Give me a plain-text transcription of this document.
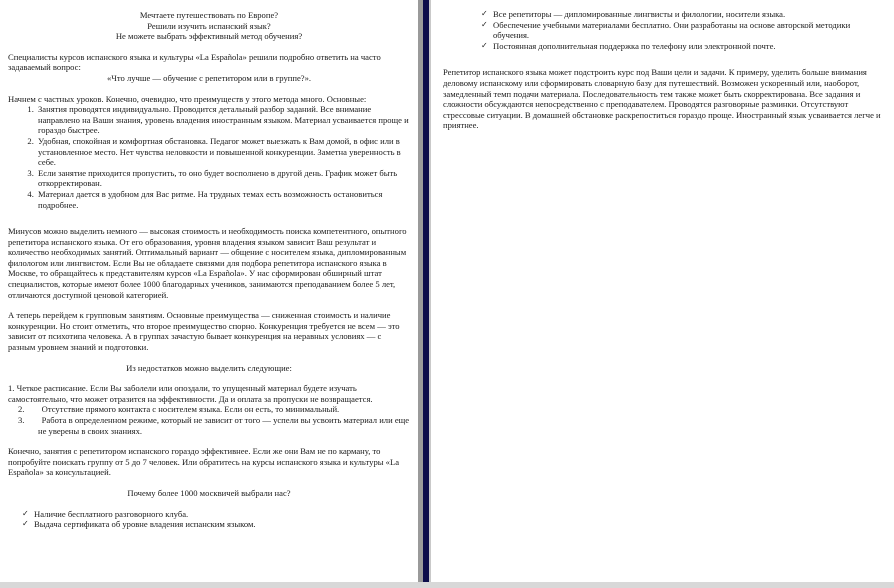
Мечтаете путешествовать по Европе?

Решили изучить испанский язык?

Не можете выбрать эффективный метод обучения?

Специалисты курсов испанского языка и культуры «La Española» решили подробно ответить на часто задаваемый вопрос:

«Что лучше — обучение с репетитором или в группе?».

Начнем с частных уроков. Конечно, очевидно, что преимуществ у этого метода много. Основные:

1. Занятия проводятся индивидуально. Проводится детальный разбор заданий. Все внимание направлено на Ваши знания, уровень владения иностранным языком. Материал усваивается проще и гораздо быстрее.
2. Удобная, спокойная и комфортная обстановка. Педагог может выезжать к Вам домой, в офис или в установленное место. Нет чувства неловкости и повышенной конкуренции. Заметна уверенность в себе.
3. Если занятие приходится пропустить, то оно будет восполнено в другой день. График может быть откорректирован.
4. Материал дается в удобном для Вас ритме. На трудных темах есть возможность остановиться подробнее.

Минусов можно выделить немного — высокая стоимость и необходимость поиска компетентного, опытного репетитора испанского языка. От его образования, уровня владения языком зависит Ваш результат и количество необходимых занятий. Оптимальный вариант — общение с носителем языка, дипломированным филологом или лингвистом. Если Вы не обладаете связями для подбора репетитора испанского языка в Москве, то обращайтесь к представителям курсов «La Española». У нас сформирован обширный штат специалистов, которые имеют более 1000 благодарных учеников, занимаются преподаванием более 5 лет, отличаются доступной ценовой категорией.

А теперь перейдем к групповым занятиям. Основные преимущества — сниженная стоимость и наличие конкуренции. Но стоит отметить, что второе преимущество спорно. Конкуренция требуется не всем — это зависит от психотипа человека. А в группах зачастую бывает конкуренция на неравных условиях — с разным уровнем знаний и подготовки.

Из недостатков можно выделить следующие:

1. Четкое расписание. Если Вы заболели или опоздали, то упущенный материал будете изучать самостоятельно, что может отразится на эффективности. Да и оплата за пропуски не возвращается.

2. Отсутствие прямого контакта с носителем языка. Если он есть, то минимальный.

3. Работа в определенном режиме, который не зависит от того — успели вы усвоить материал или еще не уверены в своих знаниях.

Конечно, занятия с репетитором испанского гораздо эффективнее. Если же они Вам не по карману, то попробуйте поискать группу от 5 до 7 человек. Или обратитесь на курсы испанского языка и культуры «La Española» за консультацией.

Почему более 1000 москвичей выбрали нас?

✓ Наличие бесплатного разговорного клуба.
✓ Выдача сертификата об уровне владения испанским языком.
✓ Все репетиторы — дипломированные лингвисты и филологии, носители языка.
✓ Обеспечение учебными материалами бесплатно. Они разработаны на основе авторской методики обучения.
✓ Постоянная дополнительная поддержка по телефону или электронной почте.

Репетитор испанского языка может подстроить курс под Ваши цели и задачи. К примеру, уделить больше внимания деловому испанскому или сформировать словарную базу для путешествий. Возможен ускоренный или, наоборот, замедленный темп подачи материала. Последовательность тем также может быть скорректирована. Все задания и сложности обсуждаются непосредственно с преподавателем. Проводятся разговорные разминки. Отсутствуют стрессовые ситуации. В домашней обстановке раскрепоститься гораздо проще. Иностранный язык усваивается легче и приятнее.
